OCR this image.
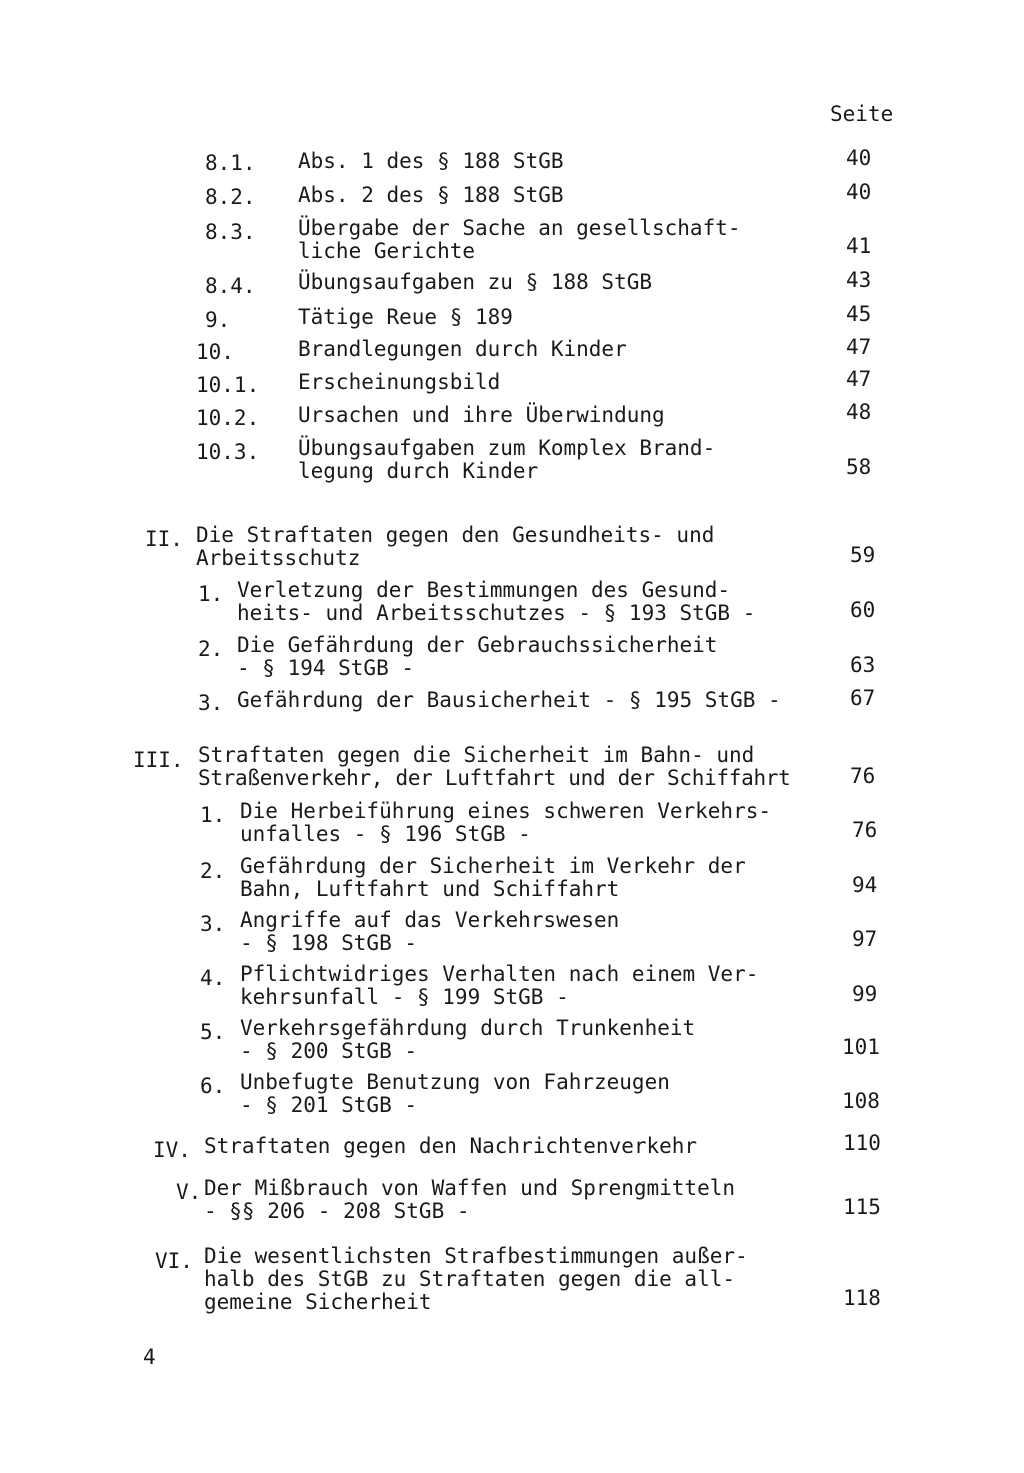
Seite
8.1. Abs. 1 des § 188 StGB	40
8.2. Abs. 2 des § 188 StGB	40
8.3. Übergabe der Sache an gesellschaft-
liche Gerichte	41
8.4. Übungsaufgaben zu § 188 StGB	43
9.	Tätige Reue § 189	45
10.	Brandlegungen durch Kinder	47
10.1. Erscheinungsbild	47
10.2. Ursachen und ihre Überwindung	48
10.3. Übungsaufgaben zum Komplex Brand-
legung durch Kinder	58
II. Die Straftaten gegen den Gesundheits- und
Arbeitsschutz	59
1. Verletzung der Bestimmungen des Gesund-
heits- und Arbeitsschutzes - § 193 StGB -	60
2. Die Gefährdung der Gebrauchssicherheit
- § 194 StGB -	63
3. Gefährdung der Bausicherheit - § 195 StGB -	67
III. Straftaten gegen die Sicherheit im Bahn- und
Straßenverkehr, der Luftfahrt und der Schiffahrt	76
1. Die Herbeiführung eines schweren Verkehrs-
unfalles - § 196 StGB -	76
2. Gefährdung der Sicherheit im Verkehr der
Bahn, Luftfahrt und Schiffahrt	94
3. Angriffe auf das Verkehrswesen
- § 198 StGB -	97
4. Pflichtwidriges Verhalten nach einem Ver-
kehrsunfall - § 199 StGB -	99
5. Verkehrsgefährdung durch Trunkenheit
- § 200 StGB -	101
6. Unbefugte Benutzung von Fahrzeugen
- § 201 StGB -	108
IV. Straftaten gegen den Nachrichtenverkehr	110
V. Der Mißbrauch von Waffen und Sprengmitteln
- §§ 206 - 208 StGB -	115
VI. Die wesentlichsten Strafbestimmungen außer-
halb des StGB zu Straftaten gegen die all-
gemeine Sicherheit	118
4
